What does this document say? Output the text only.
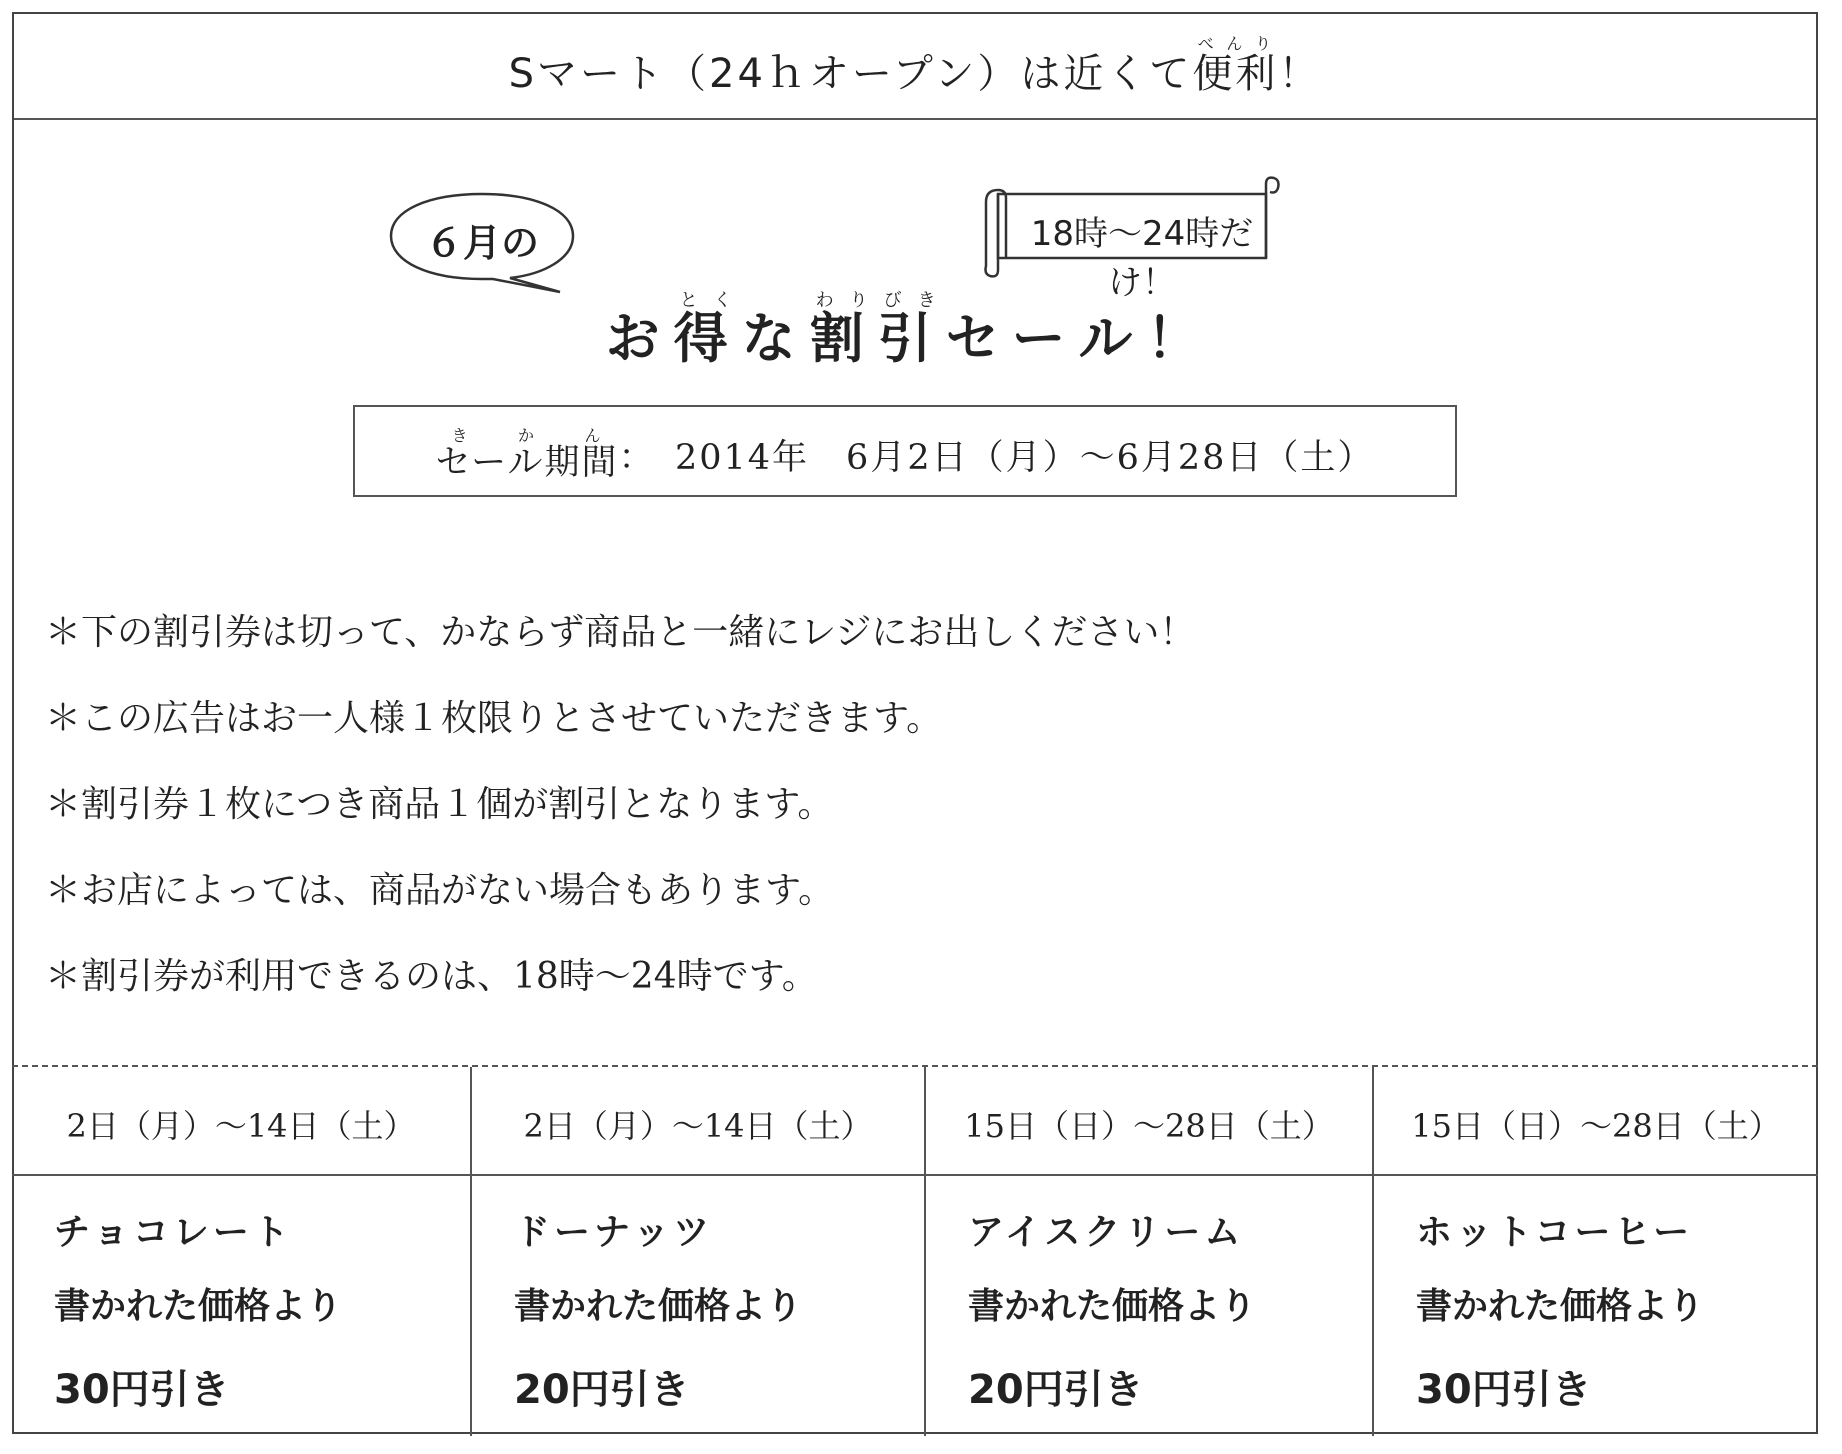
Sマート（24ｈオープン）は近くて便利べんり！
６月の	18時～24時だけ！
お得とくな割引わりびきセール！
セール期間きかん
：　2014年　6月2日（月）～6月28日（土）
＊下の割引券は切って、かならず商品と一緒にレジにお出しください！
＊この広告はお一人様１枚限りとさせていただきます。
＊割引券１枚につき商品１個が割引となります。
＊お店によっては、商品がない場合もあります。
＊割引券が利用できるのは、18時～24時です。
2日（月）～14日（土）
チョコレート
書かれた価格より
30円引き
2日（月）～14日（土）
ドーナッツ
書かれた価格より
20円引き
15日（日）～28日（土）
アイスクリーム
書かれた価格より
20円引き
15日（日）～28日（土）
ホットコーヒー
書かれた価格より
30円引き
